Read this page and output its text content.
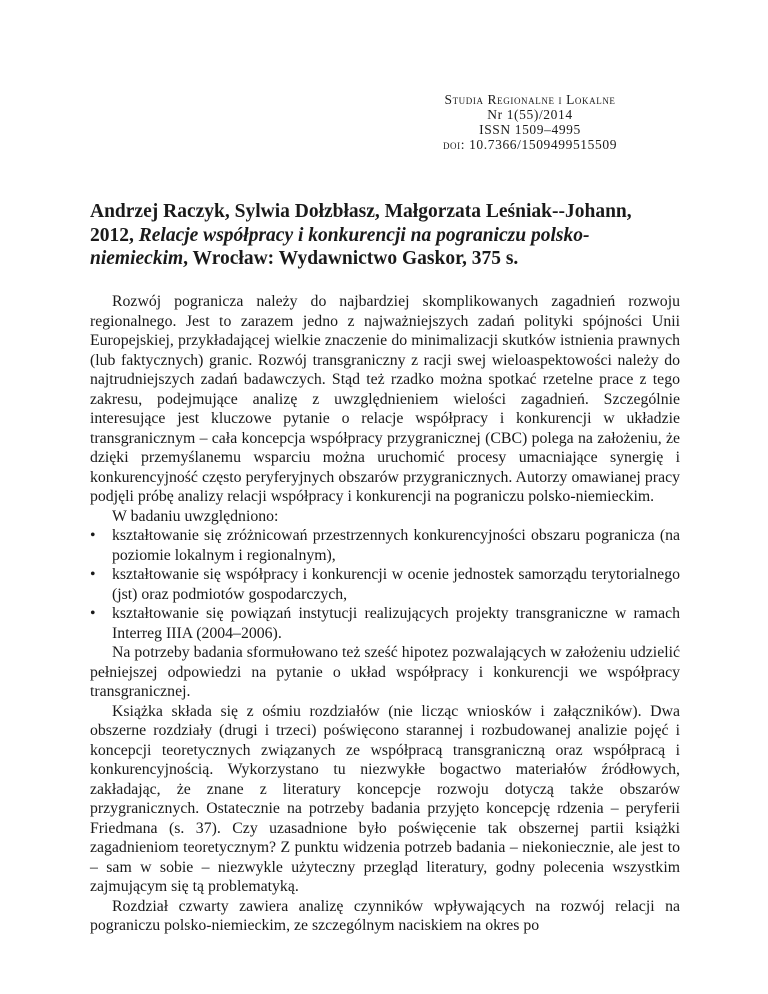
Studia Regionalne i Lokalne
Nr 1(55)/2014
ISSN 1509–4995
doi: 10.7366/1509499515509
Andrzej Raczyk, Sylwia Dołzbłasz, Małgorzata Leśniak--Johann, 2012, Relacje współpracy i konkurencji na pograniczu polsko-niemieckim, Wrocław: Wydawnictwo Gaskor, 375 s.

Rozwój pogranicza należy do najbardziej skomplikowanych zagadnień rozwoju regionalnego. Jest to zarazem jedno z najważniejszych zadań polityki spójności Unii Europejskiej, przykładającej wielkie znaczenie do minimalizacji skutków istnienia prawnych (lub faktycznych) granic. Rozwój transgraniczny z racji swej wieloaspektowości należy do najtrudniejszych zadań badawczych. Stąd też rzadko można spotkać rzetelne prace z tego zakresu, podejmujące analizę z uwzględnieniem wielości zagadnień. Szczególnie interesujące jest kluczowe pytanie o relacje współpracy i konkurencji w układzie transgranicznym – cała koncepcja współpracy przygranicznej (CBC) polega na założeniu, że dzięki przemyślanemu wsparciu można uruchomić procesy umacniające synergię i konkurencyjność często peryferyjnych obszarów przygranicznych. Autorzy omawianej pracy podjęli próbę analizy relacji współpracy i konkurencji na pograniczu polsko-niemieckim.

W badaniu uwzględniono:

• kształtowanie się zróżnicowań przestrzennych konkurencyjności obszaru pogranicza (na poziomie lokalnym i regionalnym),
• kształtowanie się współpracy i konkurencji w ocenie jednostek samorządu terytorialnego (jst) oraz podmiotów gospodarczych,
• kształtowanie się powiązań instytucji realizujących projekty transgraniczne w ramach Interreg IIIA (2004–2006).

Na potrzeby badania sformułowano też sześć hipotez pozwalających w założeniu udzielić pełniejszej odpowiedzi na pytanie o układ współpracy i konkurencji we współpracy transgranicznej.

Książka składa się z ośmiu rozdziałów (nie licząc wniosków i załączników). Dwa obszerne rozdziały (drugi i trzeci) poświęcono starannej i rozbudowanej analizie pojęć i koncepcji teoretycznych związanych ze współpracą transgraniczną oraz współpracą i konkurencyjnością. Wykorzystano tu niezwykłe bogactwo materiałów źródłowych, zakładając, że znane z literatury koncepcje rozwoju dotyczą także obszarów przygranicznych. Ostatecznie na potrzeby badania przyjęto koncepcję rdzenia – peryferii Friedmana (s. 37). Czy uzasadnione było poświęcenie tak obszernej partii książki zagadnieniom teoretycznym? Z punktu widzenia potrzeb badania – niekoniecznie, ale jest to – sam w sobie – niezwykle użyteczny przegląd literatury, godny polecenia wszystkim zajmującym się tą problematyką.

Rozdział czwarty zawiera analizę czynników wpływających na rozwój relacji na pograniczu polsko-niemieckim, ze szczególnym naciskiem na okres po
